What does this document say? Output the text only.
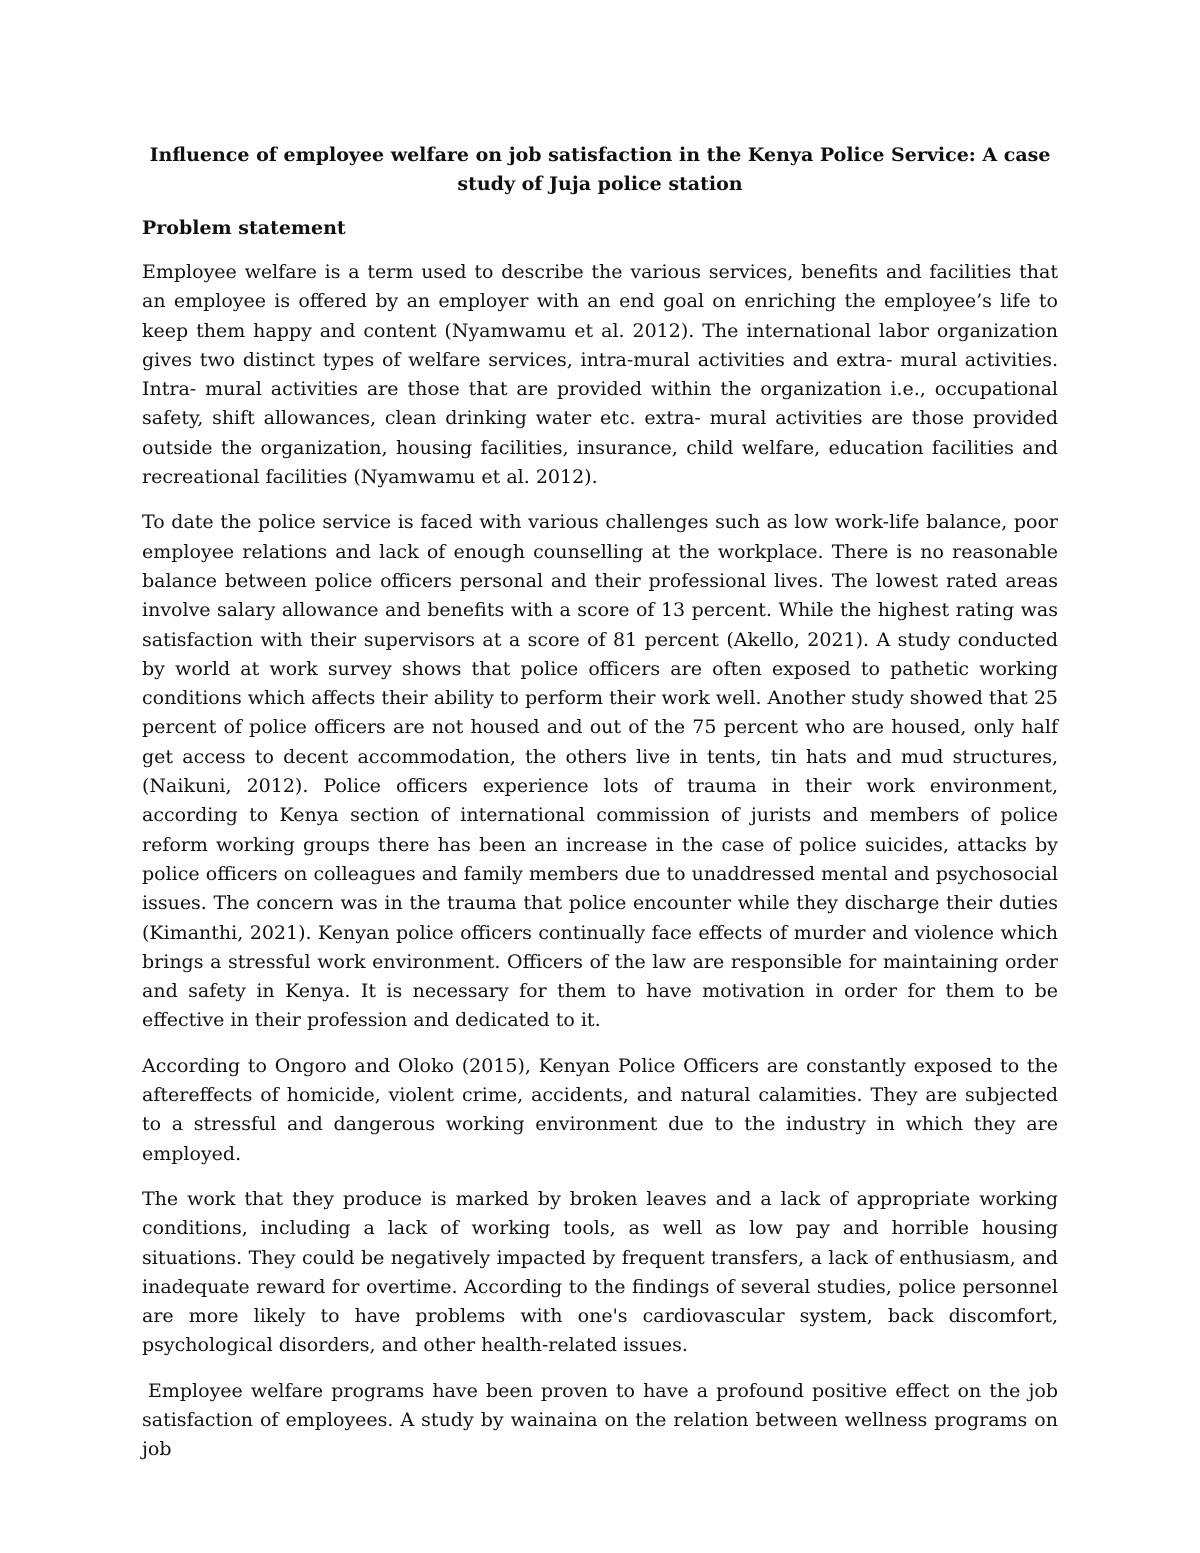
Influence of employee welfare on job satisfaction in the Kenya Police Service: A case study of Juja police station
Problem statement

Employee welfare is a term used to describe the various services, benefits and facilities that an employee is offered by an employer with an end goal on enriching the employee’s life to keep them happy and content (Nyamwamu et al. 2012). The international labor organization gives two distinct types of welfare services, intra-mural activities and extra- mural activities. Intra- mural activities are those that are provided within the organization i.e., occupational safety, shift allowances, clean drinking water etc. extra- mural activities are those provided outside the organization, housing facilities, insurance, child welfare, education facilities and recreational facilities (Nyamwamu et al. 2012).

To date the police service is faced with various challenges such as low work-life balance, poor employee relations and lack of enough counselling at the workplace. There is no reasonable balance between police officers personal and their professional lives. The lowest rated areas involve salary allowance and benefits with a score of 13 percent. While the highest rating was satisfaction with their supervisors at a score of 81 percent (Akello, 2021). A study conducted by world at work survey shows that police officers are often exposed to pathetic working conditions which affects their ability to perform their work well. Another study showed that 25 percent of police officers are not housed and out of the 75 percent who are housed, only half get access to decent accommodation, the others live in tents, tin hats and mud structures, (Naikuni, 2012). Police officers experience lots of trauma in their work environment, according to Kenya section of international commission of jurists and members of police reform working groups there has been an increase in the case of police suicides, attacks by police officers on colleagues and family members due to unaddressed mental and psychosocial issues. The concern was in the trauma that police encounter while they discharge their duties (Kimanthi, 2021). Kenyan police officers continually face effects of murder and violence which brings a stressful work environment. Officers of the law are responsible for maintaining order and safety in Kenya. It is necessary for them to have motivation in order for them to be effective in their profession and dedicated to it.

According to Ongoro and Oloko (2015), Kenyan Police Officers are constantly exposed to the aftereffects of homicide, violent crime, accidents, and natural calamities. They are subjected to a stressful and dangerous working environment due to the industry in which they are employed.

The work that they produce is marked by broken leaves and a lack of appropriate working conditions, including a lack of working tools, as well as low pay and horrible housing situations. They could be negatively impacted by frequent transfers, a lack of enthusiasm, and inadequate reward for overtime. According to the findings of several studies, police personnel are more likely to have problems with one's cardiovascular system, back discomfort, psychological disorders, and other health-related issues.

Employee welfare programs have been proven to have a profound positive effect on the job satisfaction of employees. A study by wainaina on the relation between wellness programs on job
